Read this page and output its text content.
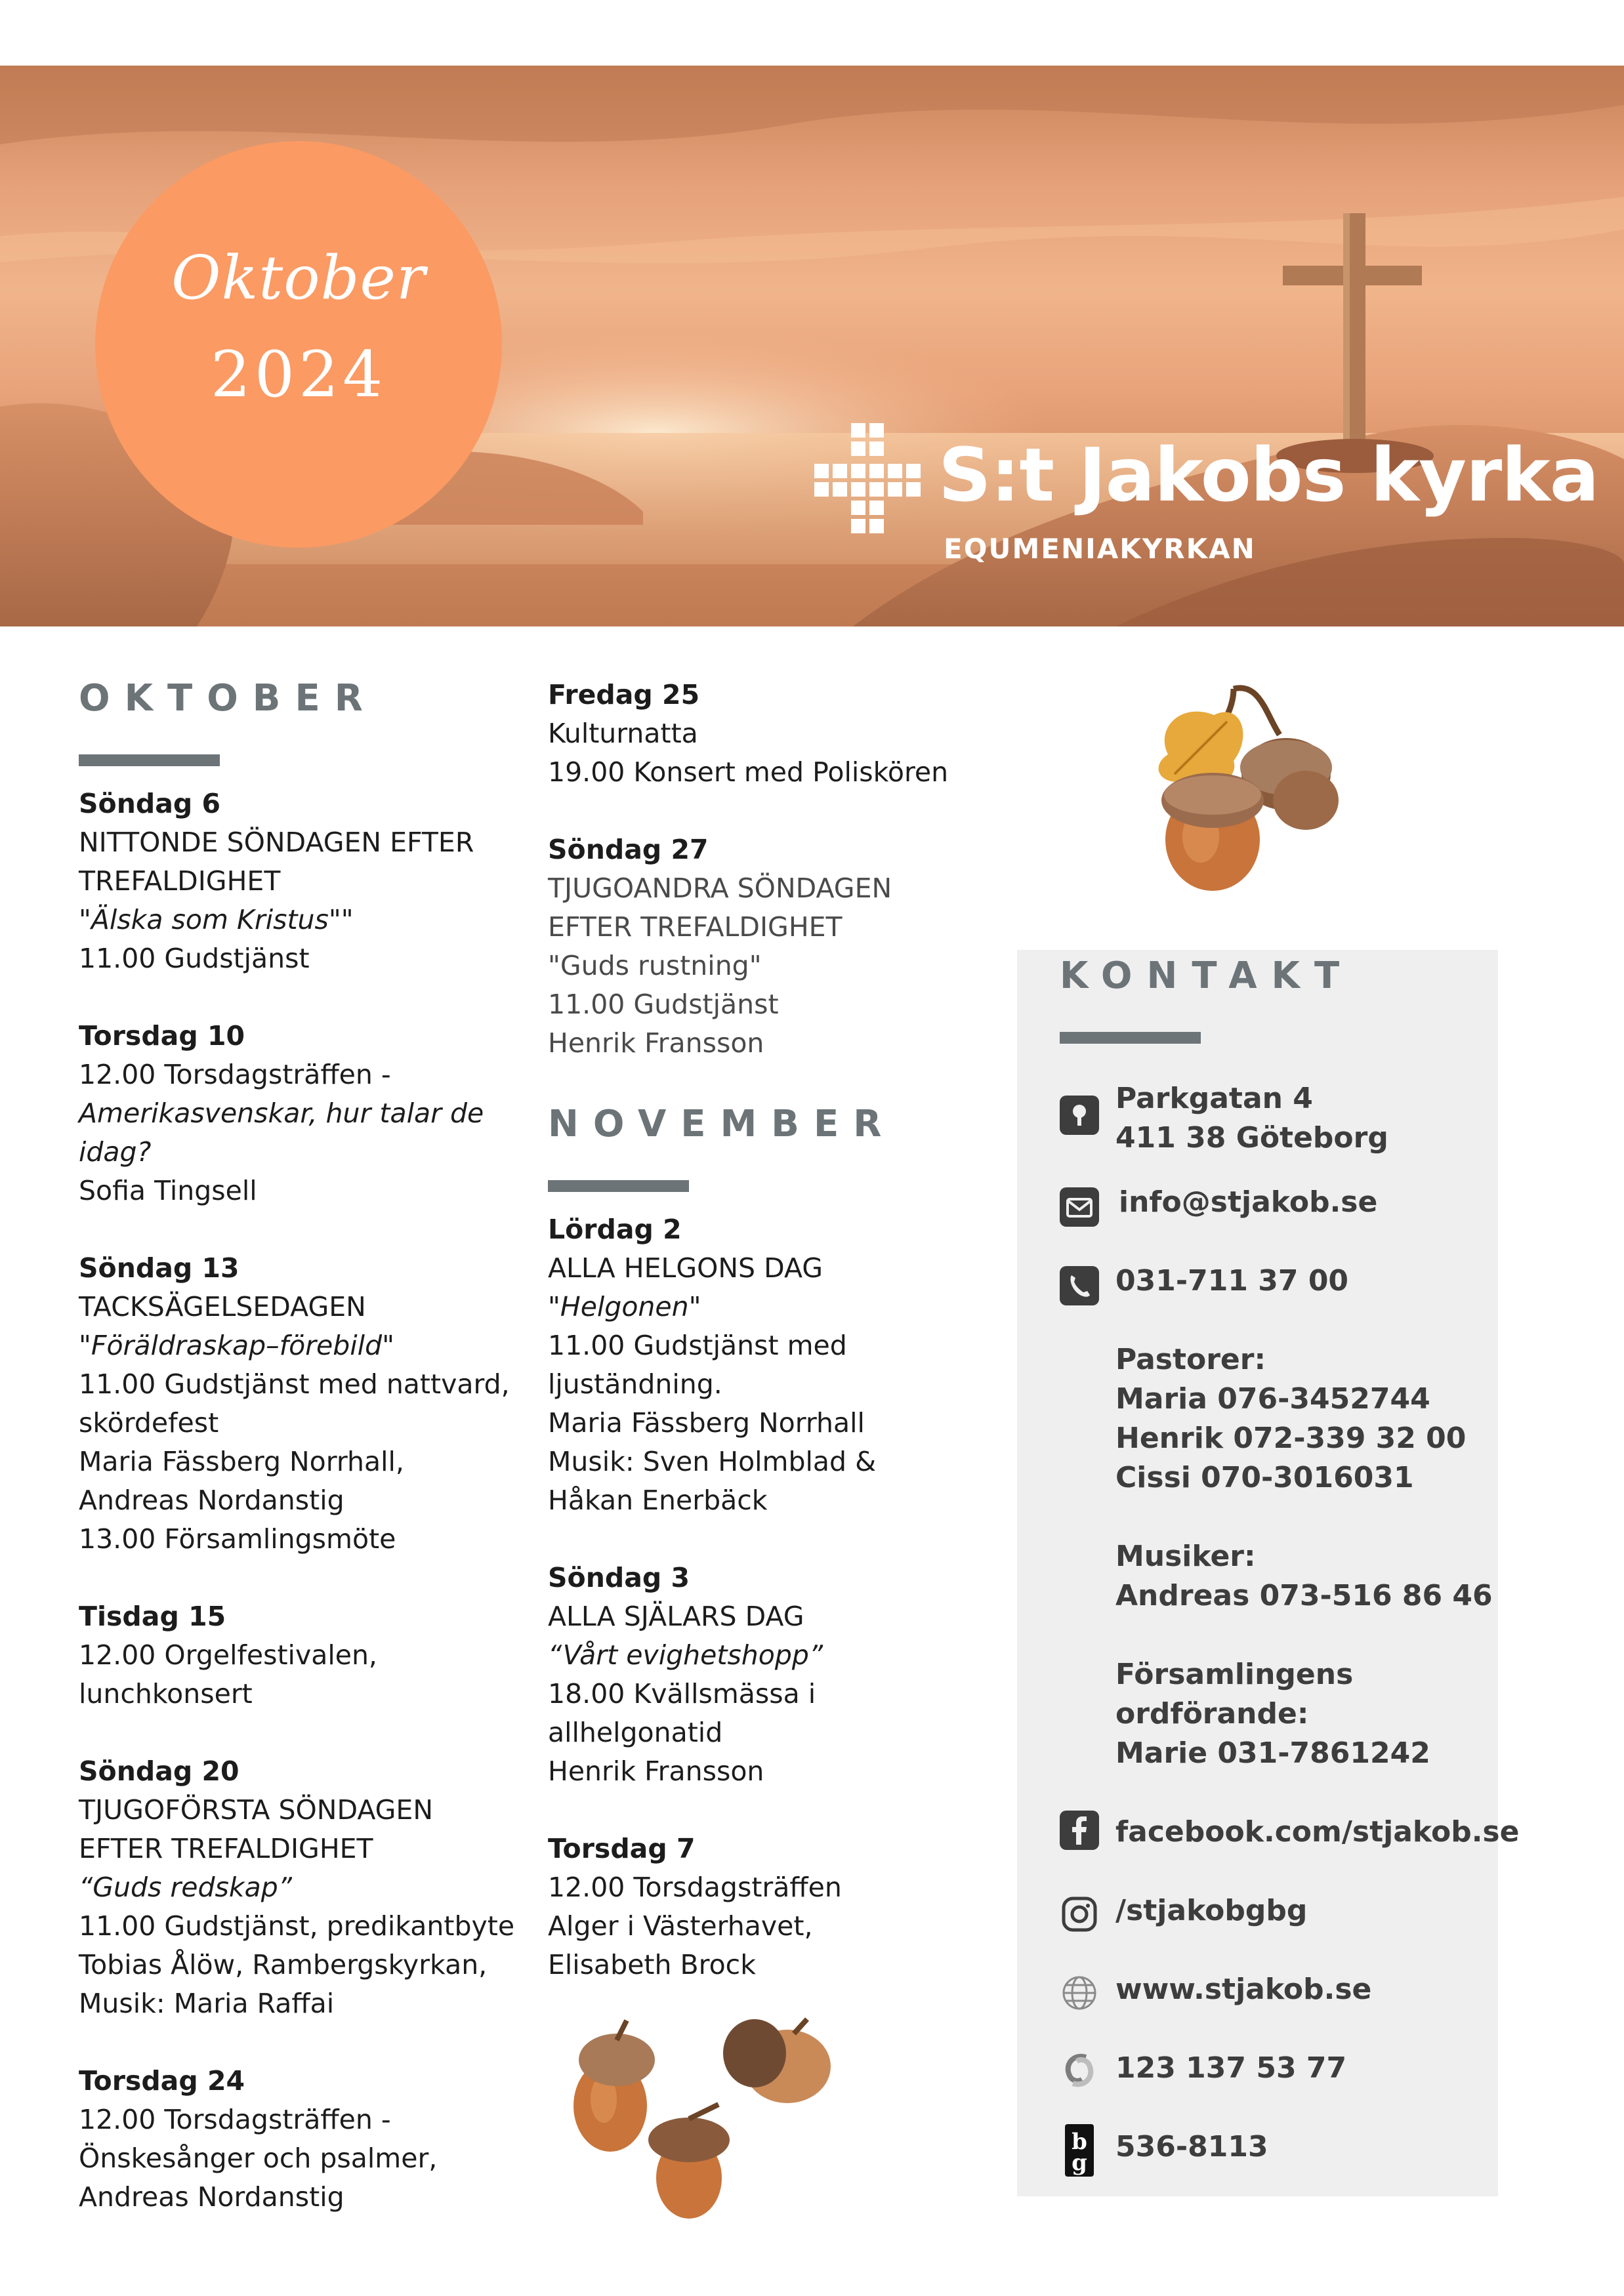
Oktober
2024
S:t Jakobs kyrka
EQUMENIAKYRKAN
OKTOBER
Söndag 6
NITTONDE SÖNDAGEN EFTER
TREFALDIGHET
"Älska som Kristus""
11.00 Gudstjänst
Torsdag 10
12.00 Torsdagsträffen -
Amerikasvenskar, hur talar de
idag?
Sofia Tingsell
Söndag 13
TACKSÄGELSEDAGEN
"Föräldraskap–förebild"
11.00 Gudstjänst med nattvard,
skördefest
Maria Fässberg Norrhall,
Andreas Nordanstig
13.00 Församlingsmöte
Tisdag 15
12.00 Orgelfestivalen,
lunchkonsert
Söndag 20
TJUGOFÖRSTA SÖNDAGEN
EFTER TREFALDIGHET
“Guds redskap”
11.00 Gudstjänst, predikantbyte
Tobias Ålöw, Rambergskyrkan,
Musik: Maria Raffai
Torsdag 24
12.00 Torsdagsträffen -
Önskesånger och psalmer,
Andreas Nordanstig
Fredag 25
Kulturnatta
19.00 Konsert med Poliskören
Söndag 27
TJUGOANDRA SÖNDAGEN
EFTER TREFALDIGHET
"Guds rustning"
11.00 Gudstjänst
Henrik Fransson
NOVEMBER
Lördag 2
ALLA HELGONS DAG
"Helgonen"
11.00 Gudstjänst med
ljuständning.
Maria Fässberg Norrhall
Musik: Sven Holmblad &
Håkan Enerbäck
Söndag 3
ALLA SJÄLARS DAG
“Vårt evighetshopp”
18.00 Kvällsmässa i
allhelgonatid
Henrik Fransson
Torsdag 7
12.00 Torsdagsträffen
Alger i Västerhavet,
Elisabeth Brock
KONTAKT
Parkgatan 4
411 38 Göteborg
info@stjakob.se
031-711 37 00
Pastorer:
Maria 076-3452744
Henrik 072-339 32 00
Cissi 070-3016031
Musiker:
Andreas 073-516 86 46
Församlingens
ordförande:
Marie 031-7861242
facebook.com/stjakob.se
/stjakobgbg
www.stjakob.se
123 137 53 77
b
g 536-8113
